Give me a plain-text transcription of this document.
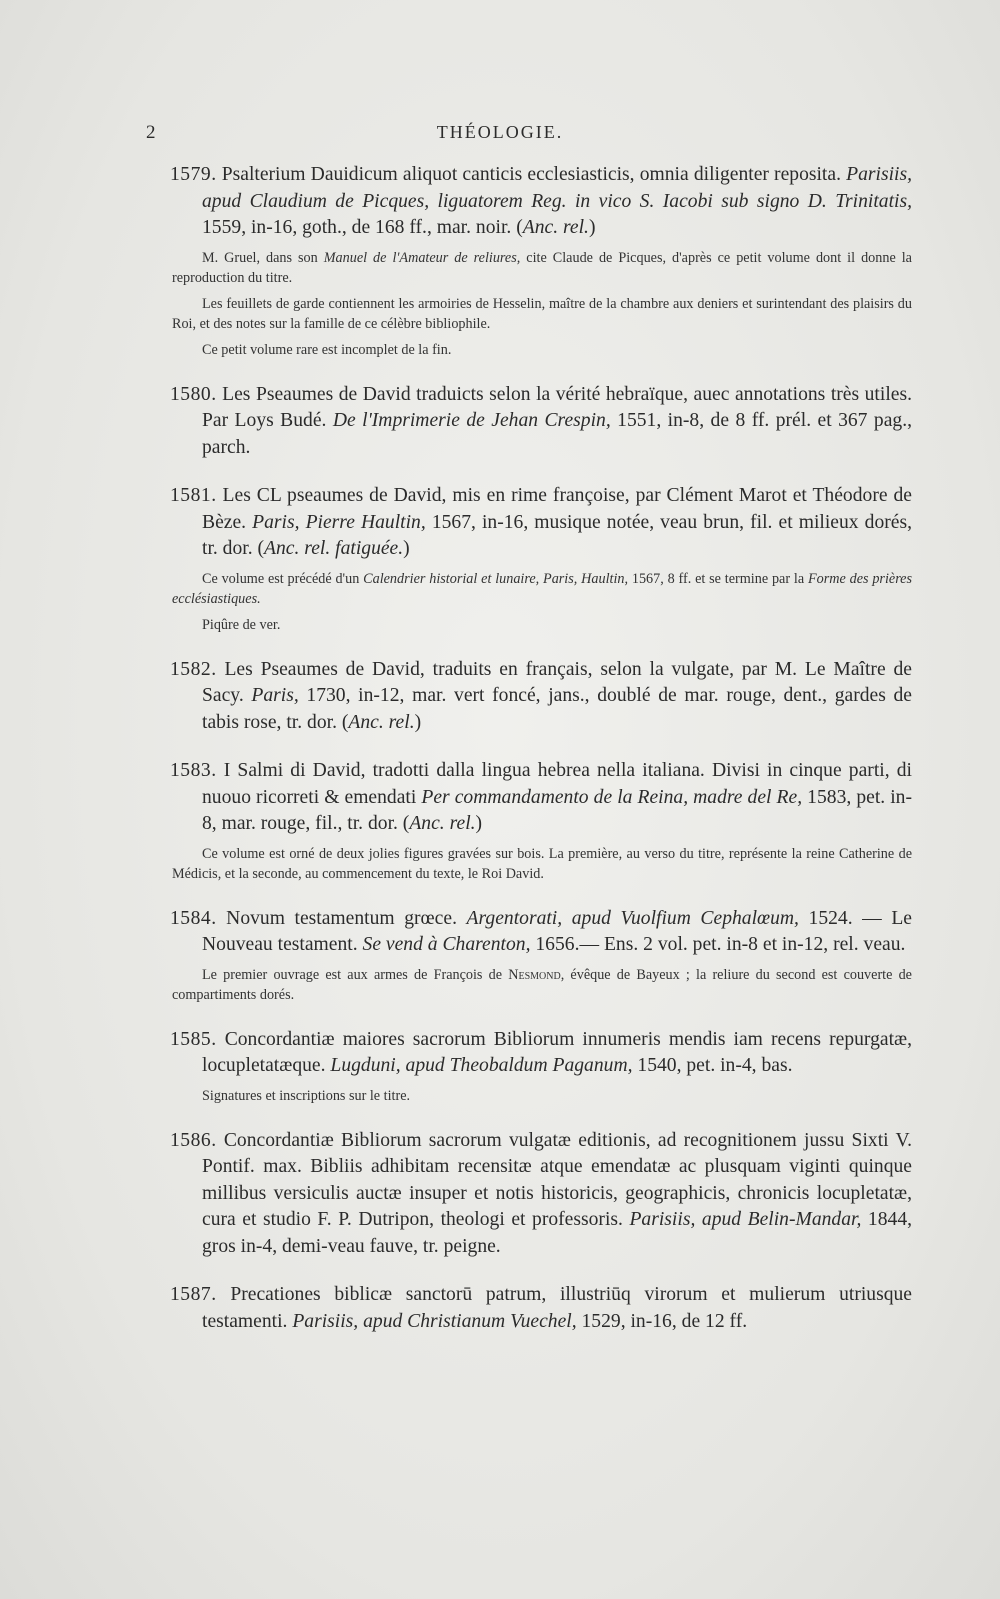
2	THÉOLOGIE.

1579. Psalterium Dauidicum aliquot canticis ecclesiasticis, omnia diligenter reposita. Parisiis, apud Claudium de Picques, liguatorem Reg. in vico S. Iacobi sub signo D. Trinitatis, 1559, in-16, goth., de 168 ff., mar. noir. (Anc. rel.)

M. Gruel, dans son Manuel de l'Amateur de reliures, cite Claude de Picques, d'après ce petit volume dont il donne la reproduction du titre.

Les feuillets de garde contiennent les armoiries de Hesselin, maître de la chambre aux deniers et surintendant des plaisirs du Roi, et des notes sur la famille de ce célèbre bibliophile.

Ce petit volume rare est incomplet de la fin.

1580. Les Pseaumes de David traduicts selon la vérité hebraïque, auec annotations très utiles. Par Loys Budé. De l'Imprimerie de Jehan Crespin, 1551, in-8, de 8 ff. prél. et 367 pag., parch.

1581. Les CL pseaumes de David, mis en rime françoise, par Clément Marot et Théodore de Bèze. Paris, Pierre Haultin, 1567, in-16, musique notée, veau brun, fil. et milieux dorés, tr. dor. (Anc. rel. fatiguée.)

Ce volume est précédé d'un Calendrier historial et lunaire, Paris, Haultin, 1567, 8 ff. et se termine par la Forme des prières ecclésiastiques.

Piqûre de ver.

1582. Les Pseaumes de David, traduits en français, selon la vulgate, par M. Le Maître de Sacy. Paris, 1730, in-12, mar. vert foncé, jans., doublé de mar. rouge, dent., gardes de tabis rose, tr. dor. (Anc. rel.)

1583. I Salmi di David, tradotti dalla lingua hebrea nella italiana. Divisi in cinque parti, di nuouo ricorreti & emendati Per commandamento de la Reina, madre del Re, 1583, pet. in-8, mar. rouge, fil., tr. dor. (Anc. rel.)

Ce volume est orné de deux jolies figures gravées sur bois. La première, au verso du titre, représente la reine Catherine de Médicis, et la seconde, au commencement du texte, le Roi David.

1584. Novum testamentum grœce. Argentorati, apud Vuolfium Cephalœum, 1524. — Le Nouveau testament. Se vend à Charenton, 1656.— Ens. 2 vol. pet. in-8 et in-12, rel. veau.

Le premier ouvrage est aux armes de François de Nesmond, évêque de Bayeux ; la reliure du second est couverte de compartiments dorés.

1585. Concordantiæ maiores sacrorum Bibliorum innumeris mendis iam recens repurgatæ, locupletatæque. Lugduni, apud Theobaldum Paganum, 1540, pet. in-4, bas.

Signatures et inscriptions sur le titre.

1586. Concordantiæ Bibliorum sacrorum vulgatæ editionis, ad recognitionem jussu Sixti V. Pontif. max. Bibliis adhibitam recensitæ atque emendatæ ac plusquam viginti quinque millibus versiculis auctæ insuper et notis historicis, geographicis, chronicis locupletatæ, cura et studio F. P. Dutripon, theologi et professoris. Parisiis, apud Belin-Mandar, 1844, gros in-4, demi-veau fauve, tr. peigne.

1587. Precationes biblicæ sanctorū patrum, illustriūq virorum et mulierum utriusque testamenti. Parisiis, apud Christianum Vuechel, 1529, in-16, de 12 ff.
